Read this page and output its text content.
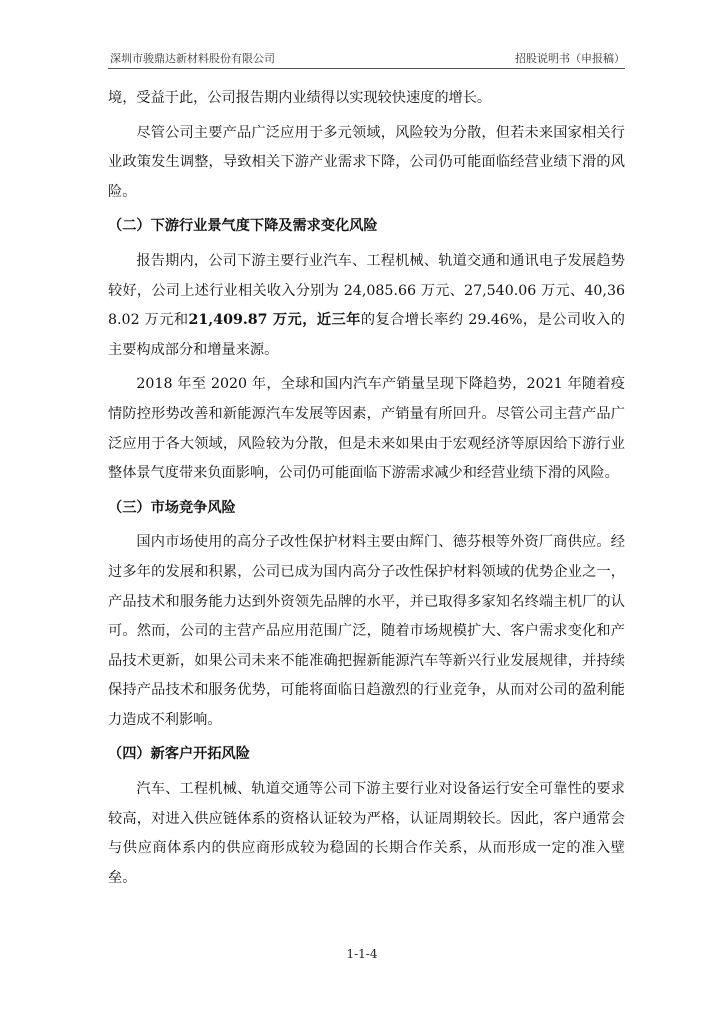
深圳市骏鼎达新材料股份有限公司	招股说明书（申报稿）

境，受益于此，公司报告期内业绩得以实现较快速度的增长。

尽管公司主要产品广泛应用于多元领域，风险较为分散，但若未来国家相关行业政策发生调整，导致相关下游产业需求下降，公司仍可能面临经营业绩下滑的风险。

（二）下游行业景气度下降及需求变化风险

报告期内，公司下游主要行业汽车、工程机械、轨道交通和通讯电子发展趋势较好，公司上述行业相关收入分别为 24,085.66 万元、27,540.06 万元、40,368.02 万元和21,409.87 万元，近三年的复合增长率约 29.46%，是公司收入的主要构成部分和增量来源。

2018 年至 2020 年，全球和国内汽车产销量呈现下降趋势，2021 年随着疫情防控形势改善和新能源汽车发展等因素，产销量有所回升。尽管公司主营产品广泛应用于各大领域，风险较为分散，但是未来如果由于宏观经济等原因给下游行业整体景气度带来负面影响，公司仍可能面临下游需求减少和经营业绩下滑的风险。

（三）市场竞争风险

国内市场使用的高分子改性保护材料主要由辉门、德芬根等外资厂商供应。经过多年的发展和积累，公司已成为国内高分子改性保护材料领域的优势企业之一，产品技术和服务能力达到外资领先品牌的水平，并已取得多家知名终端主机厂的认可。然而，公司的主营产品应用范围广泛，随着市场规模扩大、客户需求变化和产品技术更新，如果公司未来不能准确把握新能源汽车等新兴行业发展规律，并持续保持产品技术和服务优势，可能将面临日趋激烈的行业竞争，从而对公司的盈利能力造成不利影响。

（四）新客户开拓风险

汽车、工程机械、轨道交通等公司下游主要行业对设备运行安全可靠性的要求较高，对进入供应链体系的资格认证较为严格，认证周期较长。因此，客户通常会与供应商体系内的供应商形成较为稳固的长期合作关系，从而形成一定的准入壁垒。

1-1-4
